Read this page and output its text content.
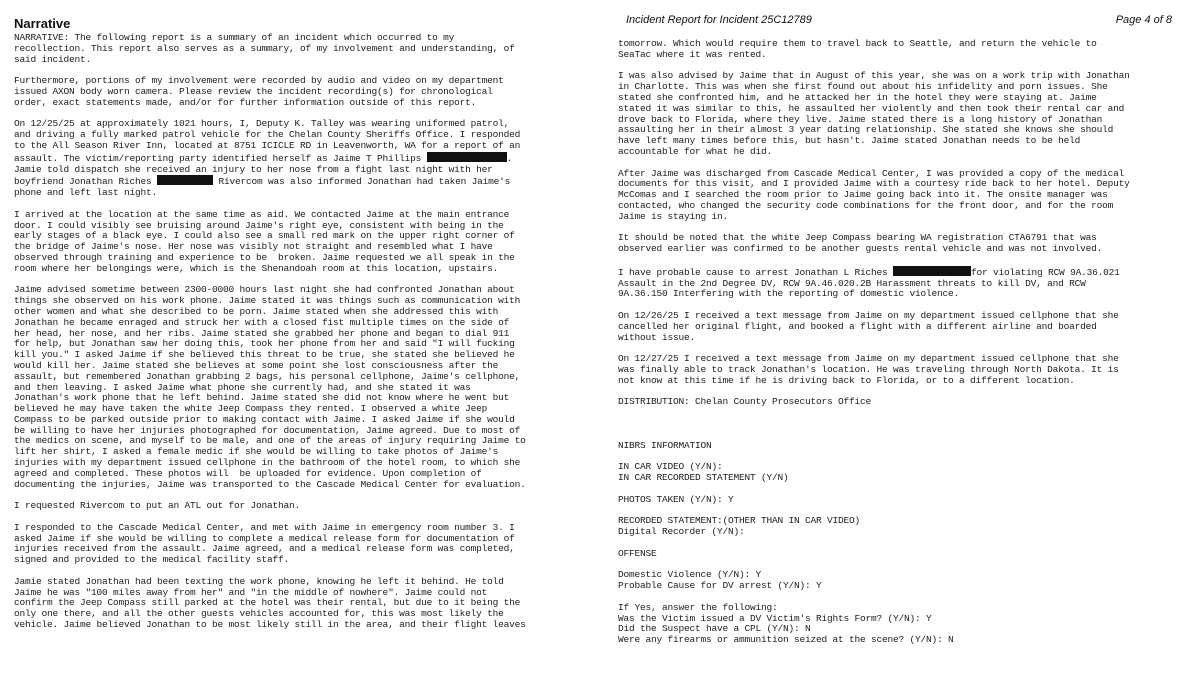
Narrative
NARRATIVE: The following report is a summary of an incident which occurred to my
recollection. This report also serves as a summary, of my involvement and understanding, of
said incident.
Furthermore, portions of my involvement were recorded by audio and video on my department
issued AXON body worn camera. Please review the incident recording(s) for chronological
order, exact statements made, and/or for further information outside of this report.
On 12/25/25 at approximately 1021 hours, I, Deputy K. Talley was wearing uniformed patrol,
and driving a fully marked patrol vehicle for the Chelan County Sheriffs Office. I responded
to the All Season River Inn, located at 8751 ICICLE RD in Leavenworth, WA for a report of an
assault. The victim/reporting party identified herself as Jaime T Phillips	.
Jamie told dispatch she received an injury to her nose from a fight last night with her
boyfriend Jonathan Riches	Rivercom was also informed Jonathan had taken Jaime's
phone and left last night.
I arrived at the location at the same time as aid. We contacted Jaime at the main entrance
door. I could visibly see bruising around Jaime's right eye, consistent with being in the
early stages of a black eye. I could also see a small red mark on the upper right corner of
the bridge of Jaime's nose. Her nose was visibly not straight and resembled what I have
observed through training and experience to be  broken. Jaime requested we all speak in the
room where her belongings were, which is the Shenandoah room at this location, upstairs.
Jaime advised sometime between 2300-0000 hours last night she had confronted Jonathan about
things she observed on his work phone. Jaime stated it was things such as communication with
other women and what she described to be porn. Jaime stated when she addressed this with
Jonathan he became enraged and struck her with a closed fist multiple times on the side of
her head, her nose, and her ribs. Jaime stated she grabbed her phone and began to dial 911
for help, but Jonathan saw her doing this, took her phone from her and said "I will fucking
kill you." I asked Jaime if she believed this threat to be true, she stated she believed he
would kill her. Jaime stated she believes at some point she lost consciousness after the
assault, but remembered Jonathan grabbing 2 bags, his personal cellphone, Jaime's cellphone,
and then leaving. I asked Jaime what phone she currently had, and she stated it was
Jonathan's work phone that he left behind. Jaime stated she did not know where he went but
believed he may have taken the white Jeep Compass they rented. I observed a white Jeep
Compass to be parked outside prior to making contact with Jaime. I asked Jaime if she would
be willing to have her injuries photographed for documentation, Jaime agreed. Due to most of
the medics on scene, and myself to be male, and one of the areas of injury requiring Jaime to
lift her shirt, I asked a female medic if she would be willing to take photos of Jaime's
injuries with my department issued cellphone in the bathroom of the hotel room, to which she
agreed and completed. These photos will  be uploaded for evidence. Upon completion of
documenting the injuries, Jaime was transported to the Cascade Medical Center for evaluation.
I requested Rivercom to put an ATL out for Jonathan.
I responded to the Cascade Medical Center, and met with Jaime in emergency room number 3. I
asked Jaime if she would be willing to complete a medical release form for documentation of
injuries received from the assault. Jaime agreed, and a medical release form was completed,
signed and provided to the medical facility staff.
Jamie stated Jonathan had been texting the work phone, knowing he left it behind. He told
Jaime he was "100 miles away from her" and "in the middle of nowhere". Jaime could not
confirm the Jeep Compass still parked at the hotel was their rental, but due to it being the
only one there, and all the other guests vehicles accounted for, this was most likely the
vehicle. Jaime believed Jonathan to be most likely still in the area, and their flight leaves
Incident Report for Incident 25C12789	Page 4 of 8
tomorrow. Which would require them to travel back to Seattle, and return the vehicle to
SeaTac where it was rented.
I was also advised by Jaime that in August of this year, she was on a work trip with Jonathan
in Charlotte. This was when she first found out about his infidelity and porn issues. She
stated she confronted him, and he attacked her in the hotel they were staying at. Jaime
stated it was similar to this, he assaulted her violently and then took their rental car and
drove back to Florida, where they live. Jaime stated there is a long history of Jonathan
assaulting her in their almost 3 year dating relationship. She stated she knows she should
have left many times before this, but hasn't. Jaime stated Jonathan needs to be held
accountable for what he did.
After Jaime was discharged from Cascade Medical Center, I was provided a copy of the medical
documents for this visit, and I provided Jaime with a courtesy ride back to her hotel. Deputy
McComas and I searched the room prior to Jaime going back into it. The onsite manager was
contacted, who changed the security code combinations for the front door, and for the room
Jaime is staying in.
It should be noted that the white Jeep Compass bearing WA registration CTA6791 that was
observed earlier was confirmed to be another guests rental vehicle and was not involved.
I have probable cause to arrest Jonathan L Riches	for violating RCW 9A.36.021
Assault in the 2nd Degree DV, RCW 9A.46.020.2B Harassment threats to kill DV, and RCW
9A.36.150 Interfering with the reporting of domestic violence.
On 12/26/25 I received a text message from Jaime on my department issued cellphone that she
cancelled her original flight, and booked a flight with a different airline and boarded
without issue.
On 12/27/25 I received a text message from Jaime on my department issued cellphone that she
was finally able to track Jonathan's location. He was traveling through North Dakota. It is
not know at this time if he is driving back to Florida, or to a different location.
DISTRIBUTION: Chelan County Prosecutors Office
NIBRS INFORMATION
IN CAR VIDEO (Y/N):
IN CAR RECORDED STATEMENT (Y/N)
PHOTOS TAKEN (Y/N): Y
RECORDED STATEMENT:(OTHER THAN IN CAR VIDEO)
Digital Recorder (Y/N):
OFFENSE
Domestic Violence (Y/N): Y
Probable Cause for DV arrest (Y/N): Y
If Yes, answer the following:
Was the Victim issued a DV Victim's Rights Form? (Y/N): Y
Did the Suspect have a CPL (Y/N): N
Were any firearms or ammunition seized at the scene? (Y/N): N
